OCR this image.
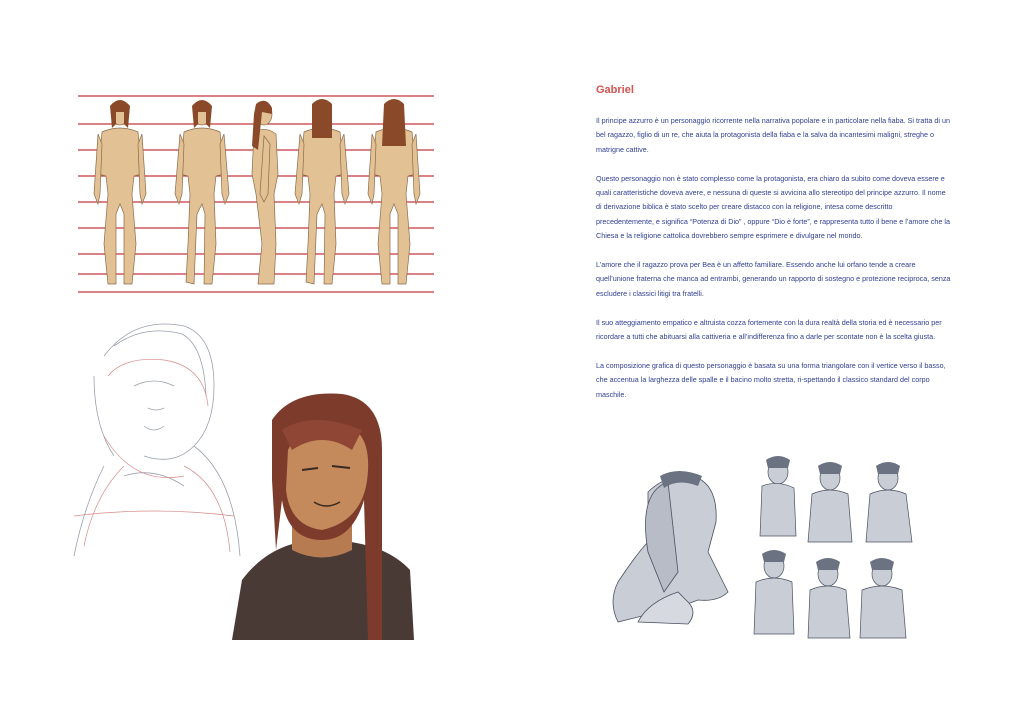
Gabriel

Il principe azzurro è un personaggio ricorrente nella narrativa popolare e in particolare nella fiaba. Si tratta di un bel ragazzo, figlio di un re, che aiuta la protagonista della fiaba e la salva da incantesimi maligni, streghe o matrigne cattive.

Questo personaggio non è stato complesso come la protagonista, era chiaro da subito come doveva essere e quali caratteristiche doveva avere, e nessuna di queste si avvicina allo stereotipo del principe azzurro. Il nome di derivazione biblica è stato scelto per creare distacco con la religione, intesa come descritto precedentemente, e significa “Potenza di Dio” , oppure “Dio è forte”, e rappresenta tutto il bene e l’amore che la Chiesa e la religione cattolica dovrebbero sempre esprimere e divulgare nel mondo.

L’amore che il ragazzo prova per Bea è un affetto familiare. Essendo anche lui orfano tende a creare quell’unione fraterna che manca ad entrambi, generando un rapporto di sostegno e protezione reciproca, senza escludere i classici litigi tra fratelli.

Il suo atteggiamento empatico e altruista cozza fortemente con la dura realtà della storia ed è necessario per ricordare a tutti che abituarsi alla cattiveria e all’indifferenza fino a darle per scontate non è la scelta giusta.

La composizione grafica di questo personaggio è basata su una forma triangolare con il vertice verso il basso, che accentua la larghezza delle spalle e il bacino molto stretta, ri-spettando il classico standard del corpo maschile.
